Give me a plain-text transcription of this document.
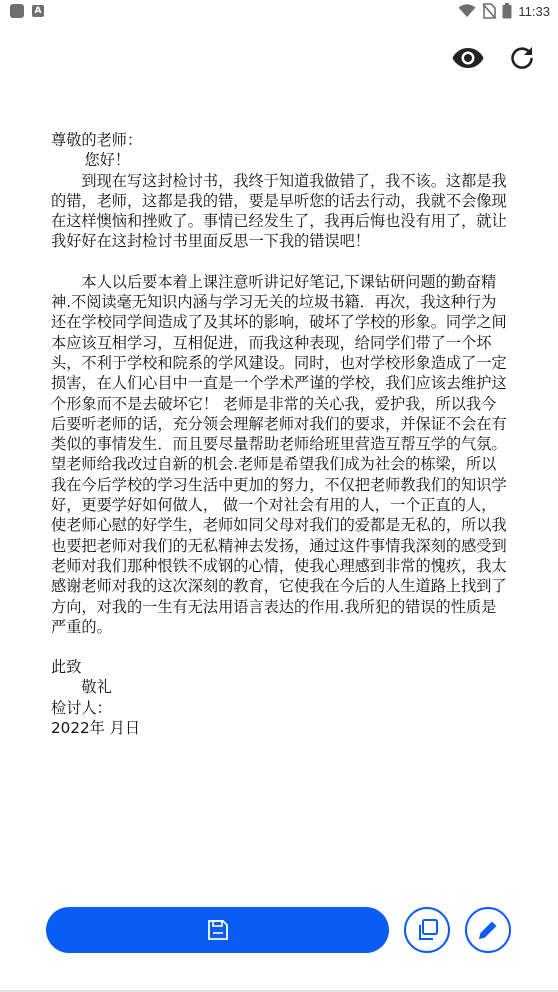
A	11:33

尊敬的老师：

您好！

到现在写这封检讨书，我终于知道我做错了，我不该。这都是我的错，老师，这都是我的错，要是早听您的话去行动，我就不会像现在这样懊恼和挫败了。事情已经发生了，我再后悔也没有用了，就让我好好在这封检讨书里面反思一下我的错误吧！

本人以后要本着上课注意听讲记好笔记,下课钻研问题的勤奋精神.不阅读毫无知识内涵与学习无关的垃圾书籍．再次，我这种行为还在学校同学间造成了及其坏的影响，破坏了学校的形象。同学之间本应该互相学习，互相促进，而我这种表现，给同学们带了一个坏头，不利于学校和院系的学风建设。同时，也对学校形象造成了一定损害，在人们心目中一直是一个学术严谨的学校，我们应该去维护这个形象而不是去破坏它！ 老师是非常的关心我，爱护我，所以我今后要听老师的话，充分领会理解老师对我们的要求，并保证不会在有类似的事情发生．而且要尽量帮助老师给班里营造互帮互学的气氛。望老师给我改过自新的机会.老师是希望我们成为社会的栋梁，所以我在今后学校的学习生活中更加的努力，不仅把老师教我们的知识学好，更要学好如何做人， 做一个对社会有用的人，一个正直的人，使老师心慰的好学生，老师如同父母对我们的爱都是无私的，所以我 也要把老师对我们的无私精神去发扬，通过这件事情我深刻的感受到老师对我们那种恨铁不成钢的心情，使我心理感到非常的愧疚，我太感谢老师对我的这次深刻的教育，它使我在今后的人生道路上找到了方向，对我的一生有无法用语言表达的作用.我所犯的错误的性质是严重的。

此致

敬礼

检讨人：

2022年 月日
